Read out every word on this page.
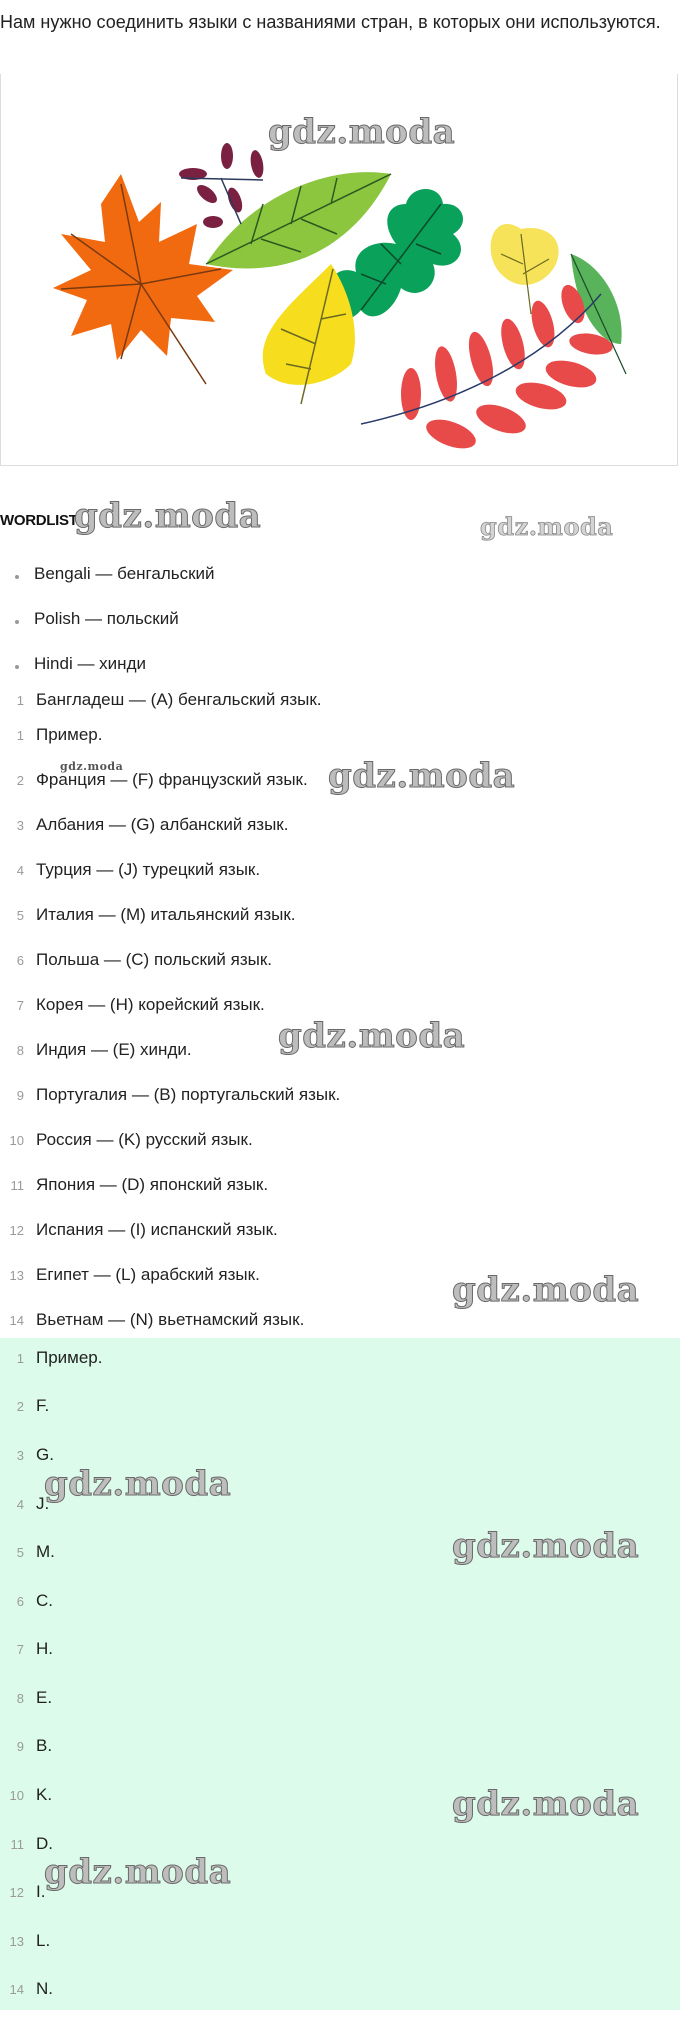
Нам нужно соединить языки с названиями стран, в которых они используются.
gdz.moda
WORDLIST
gdz.moda	gdz.moda
Bengali — бенгальский
Polish — польский
Hindi — хинди
1 Бангладеш — (A) бенгальский язык.
1 Пример.
2 Франция — (F) французский язык.
3 Албания — (G) албанский язык.
4 Турция — (J) турецкий язык.
5 Италия — (M) итальянский язык.
6 Польша — (C) польский язык.
7 Корея — (H) корейский язык.
8 Индия — (E) хинди.
9 Португалия — (B) португальский язык.
10 Россия — (K) русский язык.
11 Япония — (D) японский язык.
12 Испания — (I) испанский язык.
13 Египет — (L) арабский язык.
14 Вьетнам — (N) вьетнамский язык.
gdz.moda	gdz.moda
gdz.moda
gdz.moda
1 Пример.
2 F.
3 G.
4 J.
5 M.
6 C.
7 H.
8 E.
9 B.
10 K.
11 D.
12 I.
13 L.
14 N.
gdz.moda
gdz.moda
gdz.moda
gdz.moda
